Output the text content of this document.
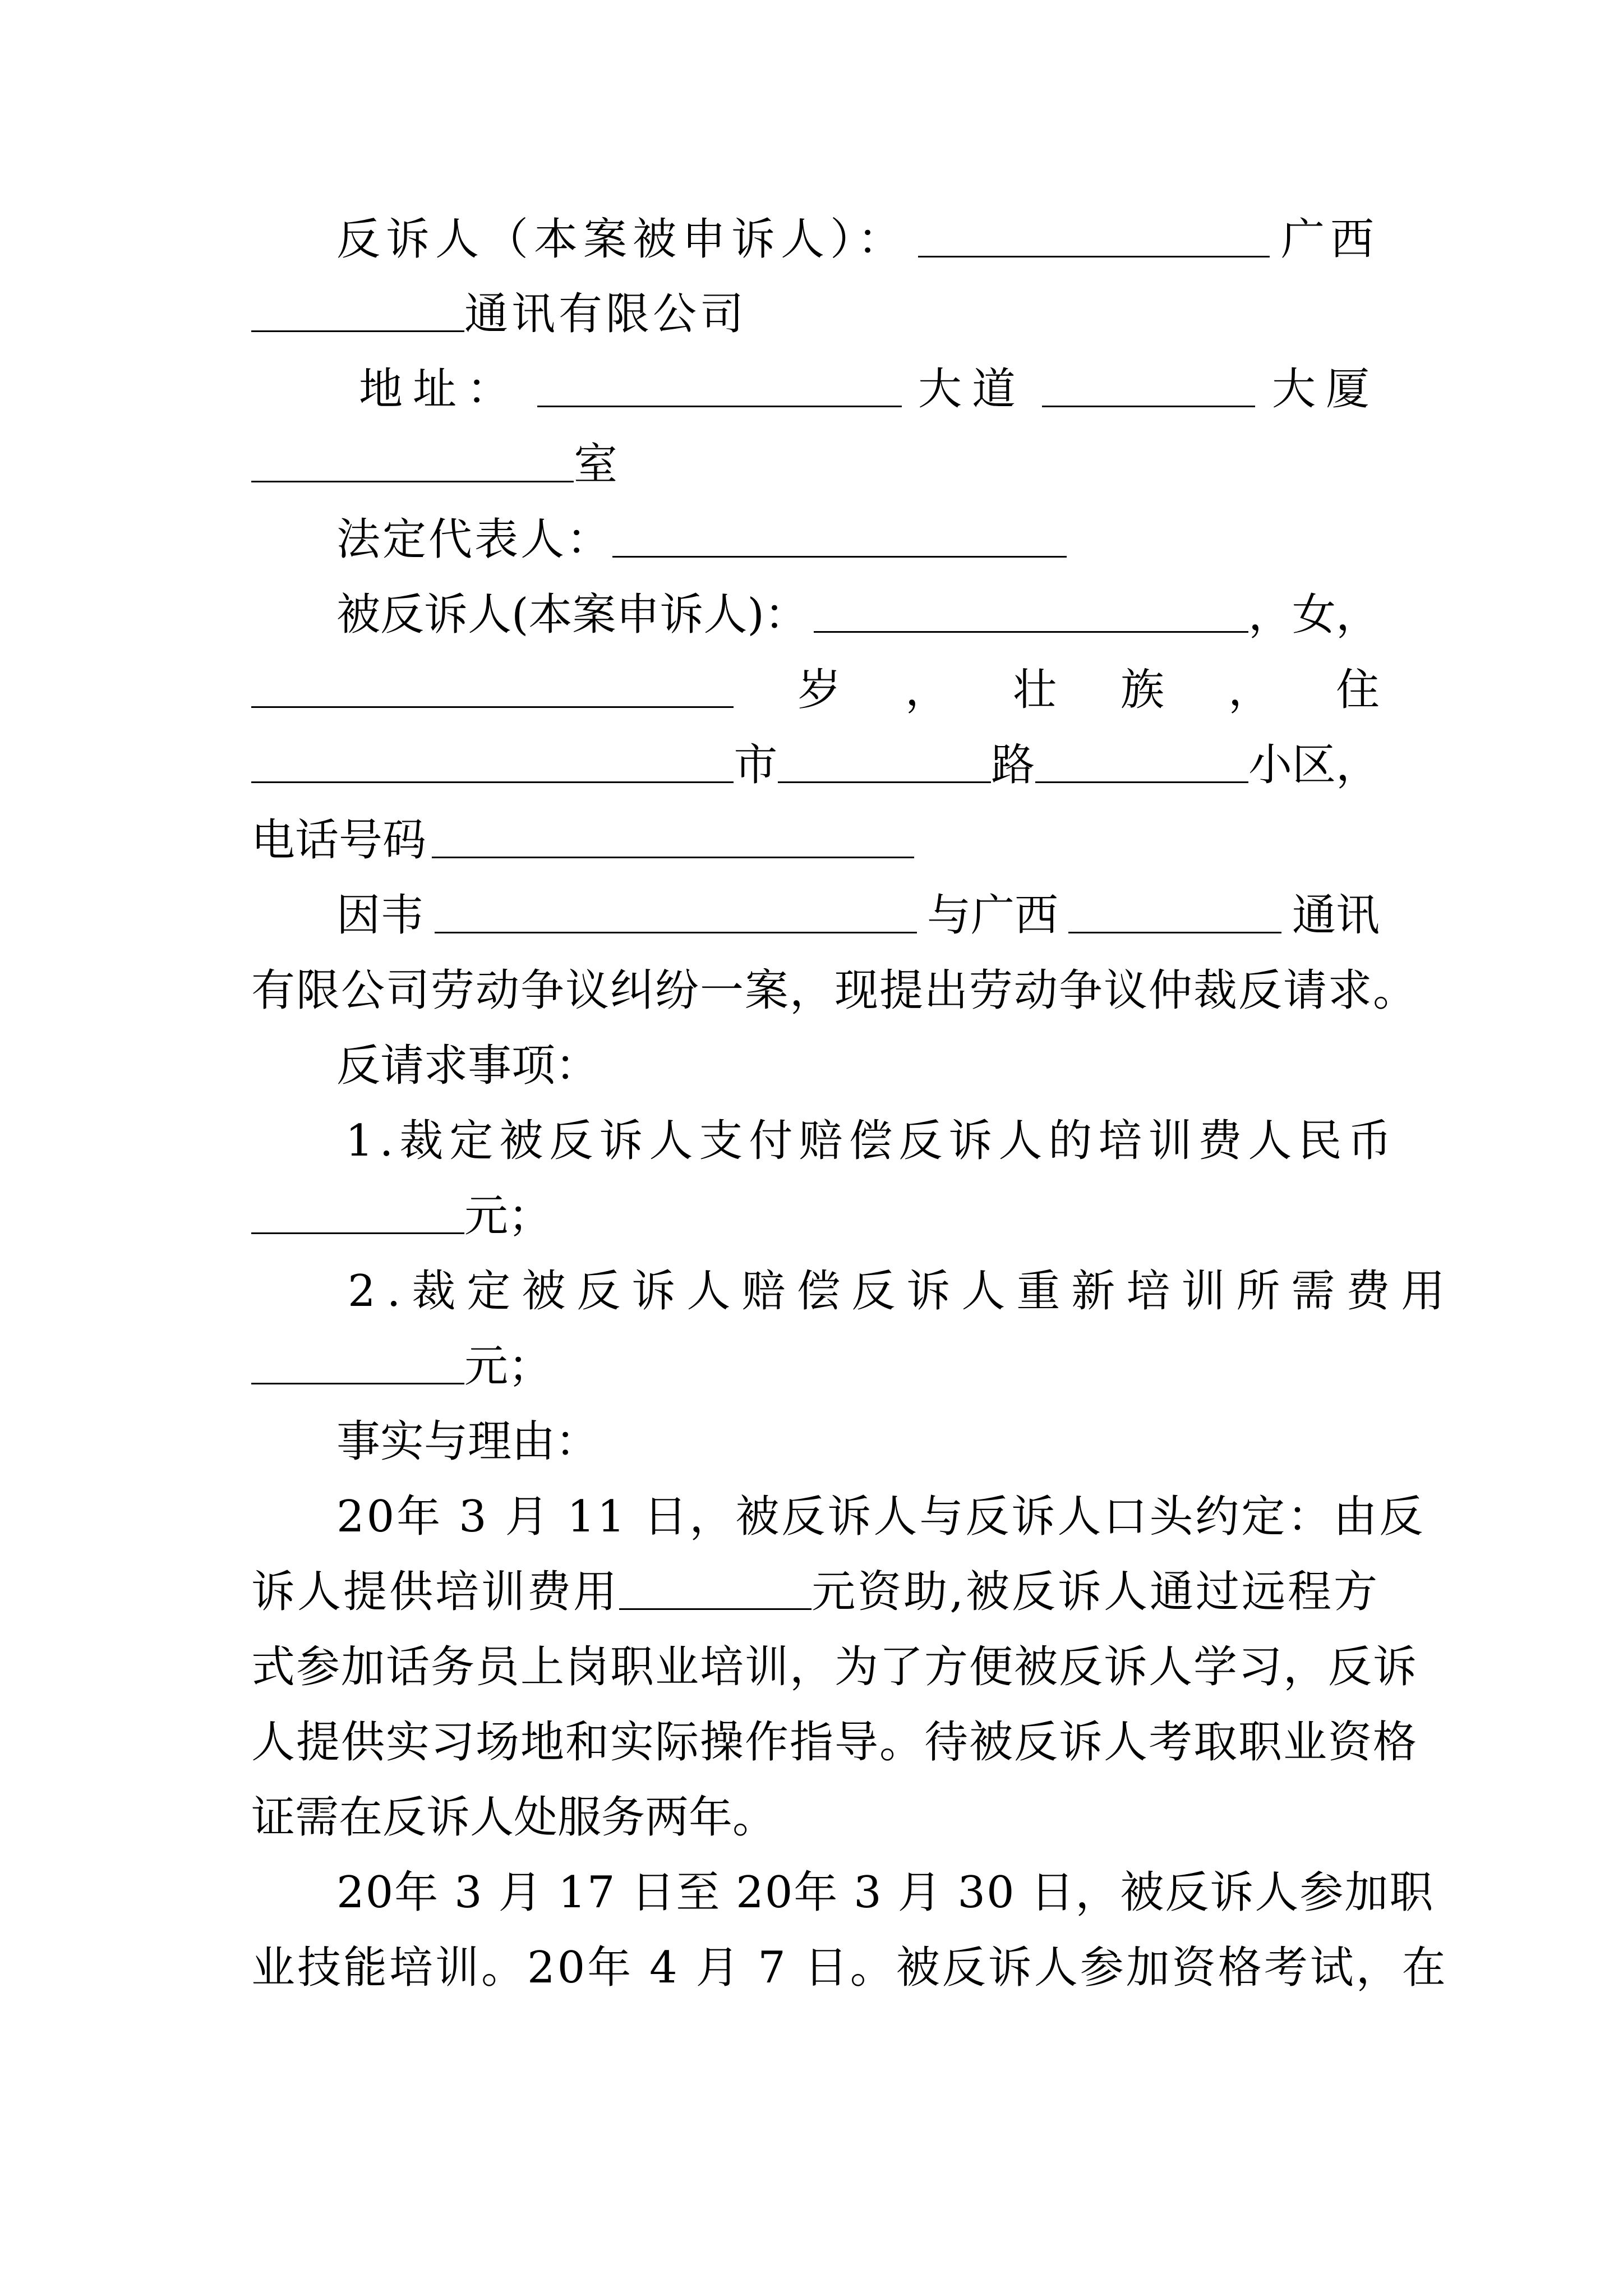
反诉人（本案被申诉人）：	广西
通讯有限公司
地址：	大道	大厦
室
法定代表人：
被反诉人(本案申诉人)：	，女，
岁 ， 壮 族 ， 住
市	路	小区，
电话号码
因韦	与广西	通讯
有限公司劳动争议纠纷一案，现提出劳动争议仲裁反请求。
反请求事项：
1.裁定被反诉人支付赔偿反诉人的培训费人民币
元；
2.裁定被反诉人赔偿反诉人重新培训所需费用
元；
事实与理由：
20 年 3 月 11 日，被反诉人与反诉人口头约定：由反
诉人提供培训费用	元资助,被反诉人通过远程方
式参加话务员上岗职业培训，为了方便被反诉人学习，反诉
人提供实习场地和实际操作指导。待被反诉人考取职业资格
证需在反诉人处服务两年。
20 年 3 月 17 日至 20 年 3 月 30 日，被反诉人参加职
业技能培训。20 年 4 月 7 日。被反诉人参加资格考试，在
